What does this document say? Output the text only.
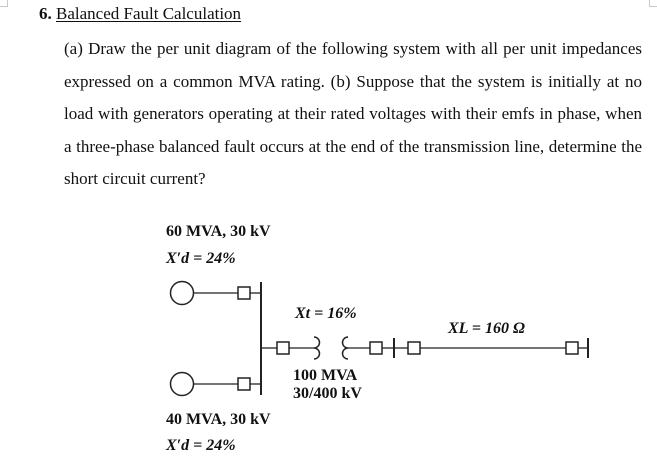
6. Balanced Fault Calculation
(a) Draw the per unit diagram of the following system with all per unit impedances expressed on a common MVA rating. (b) Suppose that the system is initially at no load with generators operating at their rated voltages with their emfs in phase, when a three-phase balanced fault occurs at the end of the transmission line, determine the short circuit current?
60 MVA, 30 kV
X′d = 24%
40 MVA, 30 kV
X′d = 24%
Xt = 16%
100 MVA
30/400 kV
XL = 160 Ω
